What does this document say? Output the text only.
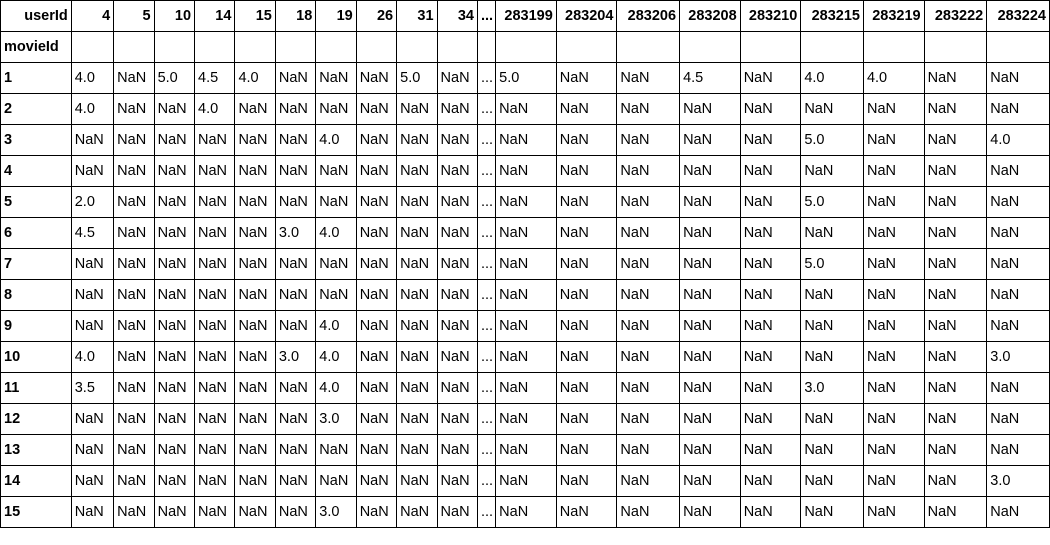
userId	4	5	10	14	15	18	19	26	31	34	...	283199	283204	283206	283208	283210	283215	283219	283222	283224
movieId																				
1	4.0	NaN	5.0	4.5	4.0	NaN	NaN	NaN	5.0	NaN	...	5.0	NaN	NaN	4.5	NaN	4.0	4.0	NaN	NaN
2	4.0	NaN	NaN	4.0	NaN	NaN	NaN	NaN	NaN	NaN	...	NaN	NaN	NaN	NaN	NaN	NaN	NaN	NaN	NaN
3	NaN	NaN	NaN	NaN	NaN	NaN	4.0	NaN	NaN	NaN	...	NaN	NaN	NaN	NaN	NaN	5.0	NaN	NaN	4.0
4	NaN	NaN	NaN	NaN	NaN	NaN	NaN	NaN	NaN	NaN	...	NaN	NaN	NaN	NaN	NaN	NaN	NaN	NaN	NaN
5	2.0	NaN	NaN	NaN	NaN	NaN	NaN	NaN	NaN	NaN	...	NaN	NaN	NaN	NaN	NaN	5.0	NaN	NaN	NaN
6	4.5	NaN	NaN	NaN	NaN	3.0	4.0	NaN	NaN	NaN	...	NaN	NaN	NaN	NaN	NaN	NaN	NaN	NaN	NaN
7	NaN	NaN	NaN	NaN	NaN	NaN	NaN	NaN	NaN	NaN	...	NaN	NaN	NaN	NaN	NaN	5.0	NaN	NaN	NaN
8	NaN	NaN	NaN	NaN	NaN	NaN	NaN	NaN	NaN	NaN	...	NaN	NaN	NaN	NaN	NaN	NaN	NaN	NaN	NaN
9	NaN	NaN	NaN	NaN	NaN	NaN	4.0	NaN	NaN	NaN	...	NaN	NaN	NaN	NaN	NaN	NaN	NaN	NaN	NaN
10	4.0	NaN	NaN	NaN	NaN	3.0	4.0	NaN	NaN	NaN	...	NaN	NaN	NaN	NaN	NaN	NaN	NaN	NaN	3.0
11	3.5	NaN	NaN	NaN	NaN	NaN	4.0	NaN	NaN	NaN	...	NaN	NaN	NaN	NaN	NaN	3.0	NaN	NaN	NaN
12	NaN	NaN	NaN	NaN	NaN	NaN	3.0	NaN	NaN	NaN	...	NaN	NaN	NaN	NaN	NaN	NaN	NaN	NaN	NaN
13	NaN	NaN	NaN	NaN	NaN	NaN	NaN	NaN	NaN	NaN	...	NaN	NaN	NaN	NaN	NaN	NaN	NaN	NaN	NaN
14	NaN	NaN	NaN	NaN	NaN	NaN	NaN	NaN	NaN	NaN	...	NaN	NaN	NaN	NaN	NaN	NaN	NaN	NaN	3.0
15	NaN	NaN	NaN	NaN	NaN	NaN	3.0	NaN	NaN	NaN	...	NaN	NaN	NaN	NaN	NaN	NaN	NaN	NaN	NaN
